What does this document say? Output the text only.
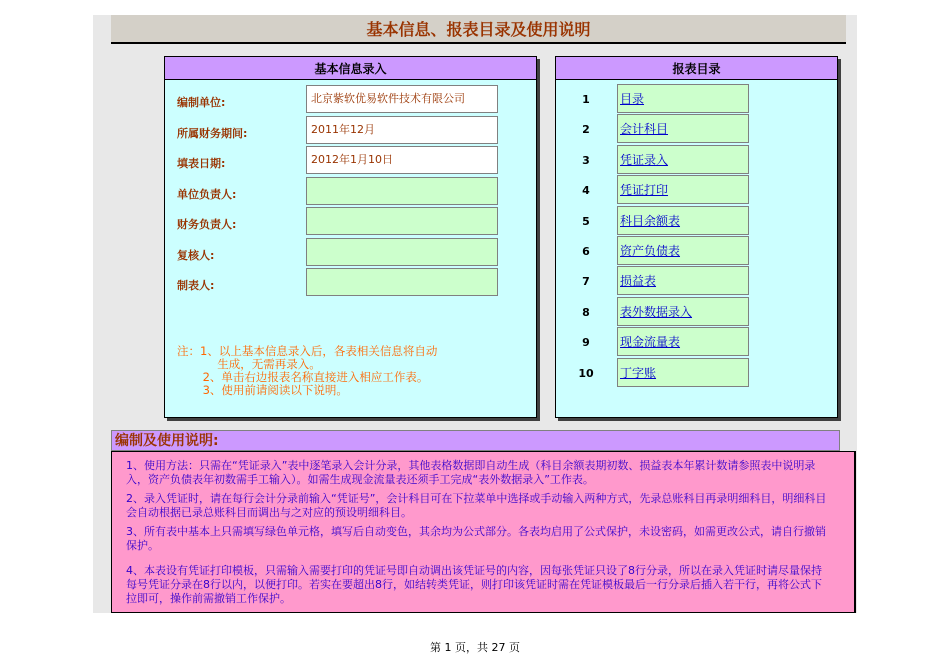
基本信息、报表目录及使用说明
基本信息录入
编制单位:	北京紫软优易软件技术有限公司
所属财务期间:	2011年12月
填表日期:	2012年1月10日
单位负责人:
财务负责人:
复核人:
制表人:
注：1、以上基本信息录入后，各表相关信息将自动
生成，无需再录入。
2、单击右边报表名称直接进入相应工作表。
3、使用前请阅读以下说明。
报表目录
1	目录
2	会计科目
3	凭证录入
4	凭证打印
5	科目余额表
6	资产负债表
7	损益表
8	表外数据录入
9	现金流量表
10	丁字账
编制及使用说明:
1、使用方法：只需在“凭证录入”表中逐笔录入会计分录，其他表格数据即自动生成（科目余额表期初数、损益表本年累计数请参照表中说明录入，资产负债表年初数需手工输入）。如需生成现金流量表还须手工完成“表外数据录入”工作表。
2、录入凭证时，请在每行会计分录前输入“凭证号”，会计科目可在下拉菜单中选择或手动输入两种方式，先录总账科目再录明细科目，明细科目会自动根据已录总账科目而调出与之对应的预设明细科目。
3、所有表中基本上只需填写绿色单元格，填写后自动变色，其余均为公式部分。各表均启用了公式保护，未设密码，如需更改公式，请自行撤销保护。
4、本表设有凭证打印模板，只需输入需要打印的凭证号即自动调出该凭证号的内容，因每张凭证只设了8行分录，所以在录入凭证时请尽量保持每号凭证分录在8行以内，以便打印。若实在要超出8行，如结转类凭证，则打印该凭证时需在凭证模板最后一行分录后插入若干行，再将公式下拉即可，操作前需撤销工作保护。
第 1 页，共 27 页
